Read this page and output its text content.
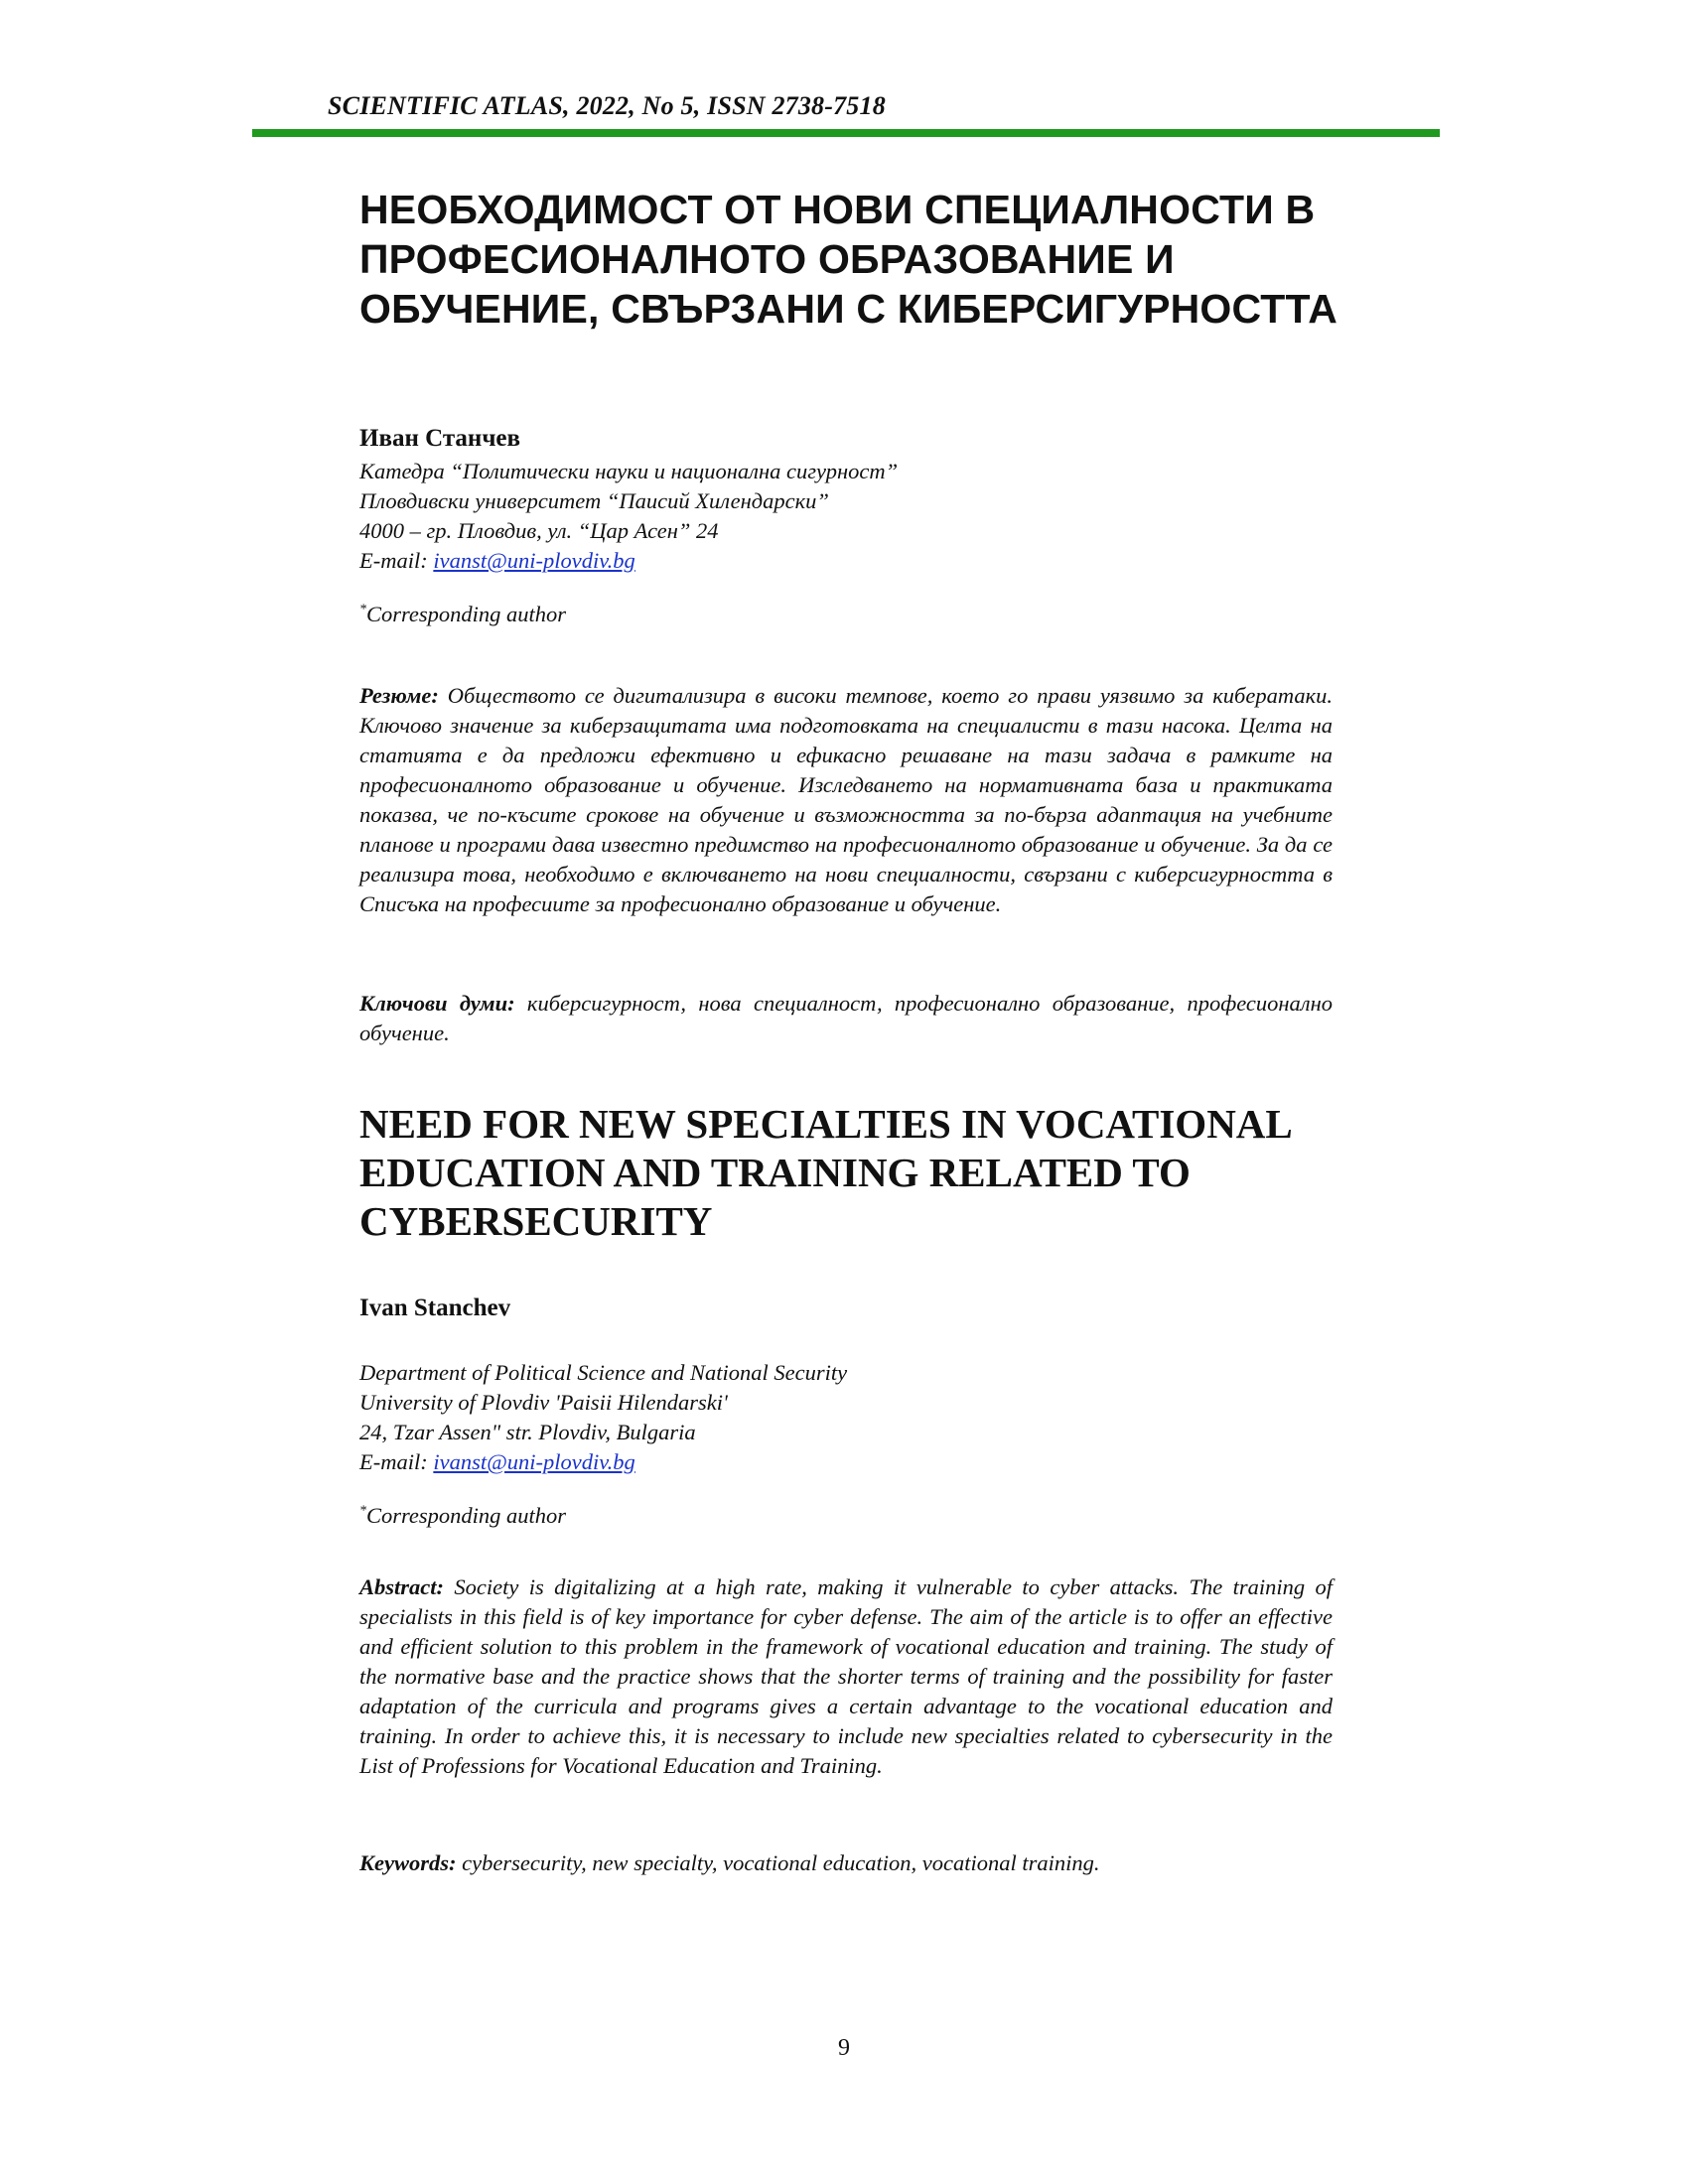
SCIENTIFIC ATLAS, 2022, No 5, ISSN 2738-7518
НЕОБХОДИМОСТ ОТ НОВИ СПЕЦИАЛНОСТИ В
ПРОФЕСИОНАЛНОТО ОБРАЗОВАНИЕ И
ОБУЧЕНИЕ, СВЪРЗАНИ С КИБЕРСИГУРНОСТТА
Иван Станчев
Катедра “Политически науки и национална сигурност”
Пловдивски университет “Паисий Хилендарски”
4000 – гр. Пловдив, ул. “Цар Асен” 24
E-mail: ivanst@uni-plovdiv.bg
*Corresponding author
Резюме: Обществото се дигитализира в високи темпове, което го прави уязвимо за кибератаки. Ключово значение за киберзащитата има подготовката на специалисти в тази насока. Целта на статията е да предложи ефективно и ефикасно решаване на тази задача в рамките на професионалното образование и обучение. Изследването на нормативната база и практиката показва, че по-късите срокове на обучение и възможността за по-бърза адаптация на учебните планове и програми дава известно предимство на професионалното образование и обучение. За да се реализира това, необходимо е включването на нови специалности, свързани с киберсигурността в Списъка на професиите за професионално образование и обучение.
Ключови думи: киберсигурност, нова специалност, професионално образование, професионално обучение.
NEED FOR NEW SPECIALTIES IN VOCATIONAL
EDUCATION AND TRAINING RELATED TO
CYBERSECURITY
Ivan Stanchev
Department of Political Science and National Security
University of Plovdiv 'Paisii Hilendarski'
24, Tzar Assen" str. Plovdiv, Bulgaria
E-mail: ivanst@uni-plovdiv.bg
*Corresponding author
Abstract: Society is digitalizing at a high rate, making it vulnerable to cyber attacks. The training of specialists in this field is of key importance for cyber defense. The aim of the article is to offer an effective and efficient solution to this problem in the framework of vocational education and training. The study of the normative base and the practice shows that the shorter terms of training and the possibility for faster adaptation of the curricula and programs gives a certain advantage to the vocational education and training. In order to achieve this, it is necessary to include new specialties related to cybersecurity in the List of Professions for Vocational Education and Training.
Keywords: cybersecurity, new specialty, vocational education, vocational training.
9
